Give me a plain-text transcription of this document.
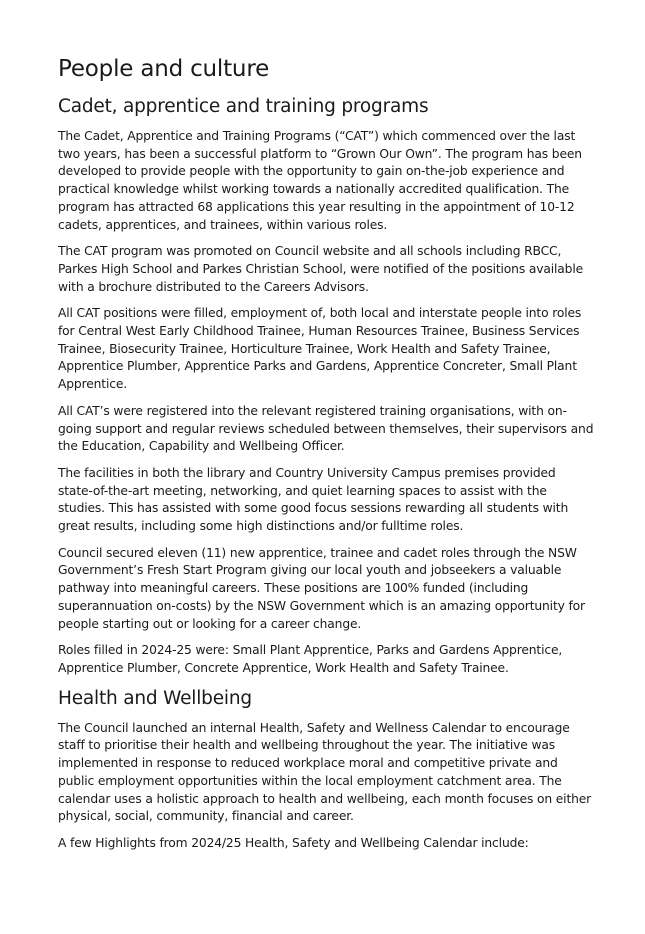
People and culture
Cadet, apprentice and training programs

The Cadet, Apprentice and Training Programs (“CAT”) which commenced over the last two years, has been a successful platform to “Grown Our Own”. The program has been developed to provide people with the opportunity to gain on-the-job experience and practical knowledge whilst working towards a nationally accredited qualification. The program has attracted 68 applications this year resulting in the appointment of 10-12 cadets, apprentices, and trainees, within various roles.

The CAT program was promoted on Council website and all schools including RBCC, Parkes High School and Parkes Christian School, were notified of the positions available with a brochure distributed to the Careers Advisors.

All CAT positions were filled, employment of, both local and interstate people into roles for Central West Early Childhood Trainee, Human Resources Trainee, Business Services Trainee, Biosecurity Trainee, Horticulture Trainee, Work Health and Safety Trainee, Apprentice Plumber, Apprentice Parks and Gardens, Apprentice Concreter, Small Plant Apprentice.

All CAT’s were registered into the relevant registered training organisations, with on-going support and regular reviews scheduled between themselves, their supervisors and the Education, Capability and Wellbeing Officer.

The facilities in both the library and Country University Campus premises provided state-of-the-art meeting, networking, and quiet learning spaces to assist with the studies. This has assisted with some good focus sessions rewarding all students with great results, including some high distinctions and/or fulltime roles.

Council secured eleven (11) new apprentice, trainee and cadet roles through the NSW Government’s Fresh Start Program giving our local youth and jobseekers a valuable pathway into meaningful careers. These positions are 100% funded (including superannuation on-costs) by the NSW Government which is an amazing opportunity for people starting out or looking for a career change.

Roles filled in 2024-25 were: Small Plant Apprentice, Parks and Gardens Apprentice, Apprentice Plumber, Concrete Apprentice, Work Health and Safety Trainee.

Health and Wellbeing

The Council launched an internal Health, Safety and Wellness Calendar to encourage staff to prioritise their health and wellbeing throughout the year. The initiative was implemented in response to reduced workplace moral and competitive private and public employment opportunities within the local employment catchment area. The calendar uses a holistic approach to health and wellbeing, each month focuses on either physical, social, community, financial and career.

A few Highlights from 2024/25 Health, Safety and Wellbeing Calendar include:
